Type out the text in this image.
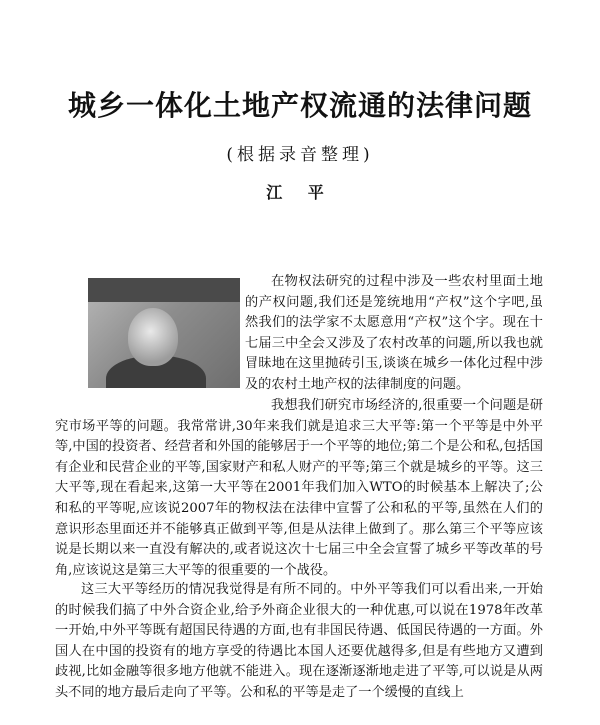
城乡一体化土地产权流通的法律问题
(根据录音整理)
江 平

在物权法研究的过程中涉及一些农村里面土地的产权问题,我们还是笼统地用“产权”这个字吧,虽然我们的法学家不太愿意用“产权”这个字。现在十七届三中全会又涉及了农村改革的问题,所以我也就冒昧地在这里抛砖引玉,谈谈在城乡一体化过程中涉及的农村土地产权的法律制度的问题。

我想我们研究市场经济的,很重要一个问题是研究市场平等的问题。我常常讲,30年来我们就是追求三大平等:第一个平等是中外平等,中国的投资者、经营者和外国的能够居于一个平等的地位;第二个是公和私,包括国有企业和民营企业的平等,国家财产和私人财产的平等;第三个就是城乡的平等。这三大平等,现在看起来,这第一大平等在2001年我们加入WTO的时候基本上解决了;公和私的平等呢,应该说2007年的物权法在法律中宣誓了公和私的平等,虽然在人们的意识形态里面还并不能够真正做到平等,但是从法律上做到了。那么第三个平等应该说是长期以来一直没有解决的,或者说这次十七届三中全会宣誓了城乡平等改革的号角,应该说这是第三大平等的很重要的一个战役。

这三大平等经历的情况我觉得是有所不同的。中外平等我们可以看出来,一开始的时候我们搞了中外合资企业,给予外商企业很大的一种优惠,可以说在1978年改革一开始,中外平等既有超国民待遇的方面,也有非国民待遇、低国民待遇的一方面。外国人在中国的投资有的地方享受的待遇比本国人还要优越得多,但是有些地方又遭到歧视,比如金融等很多地方他就不能进入。现在逐渐逐渐地走进了平等,可以说是从两头不同的地方最后走向了平等。公和私的平等是走了一个缓慢的直线上
